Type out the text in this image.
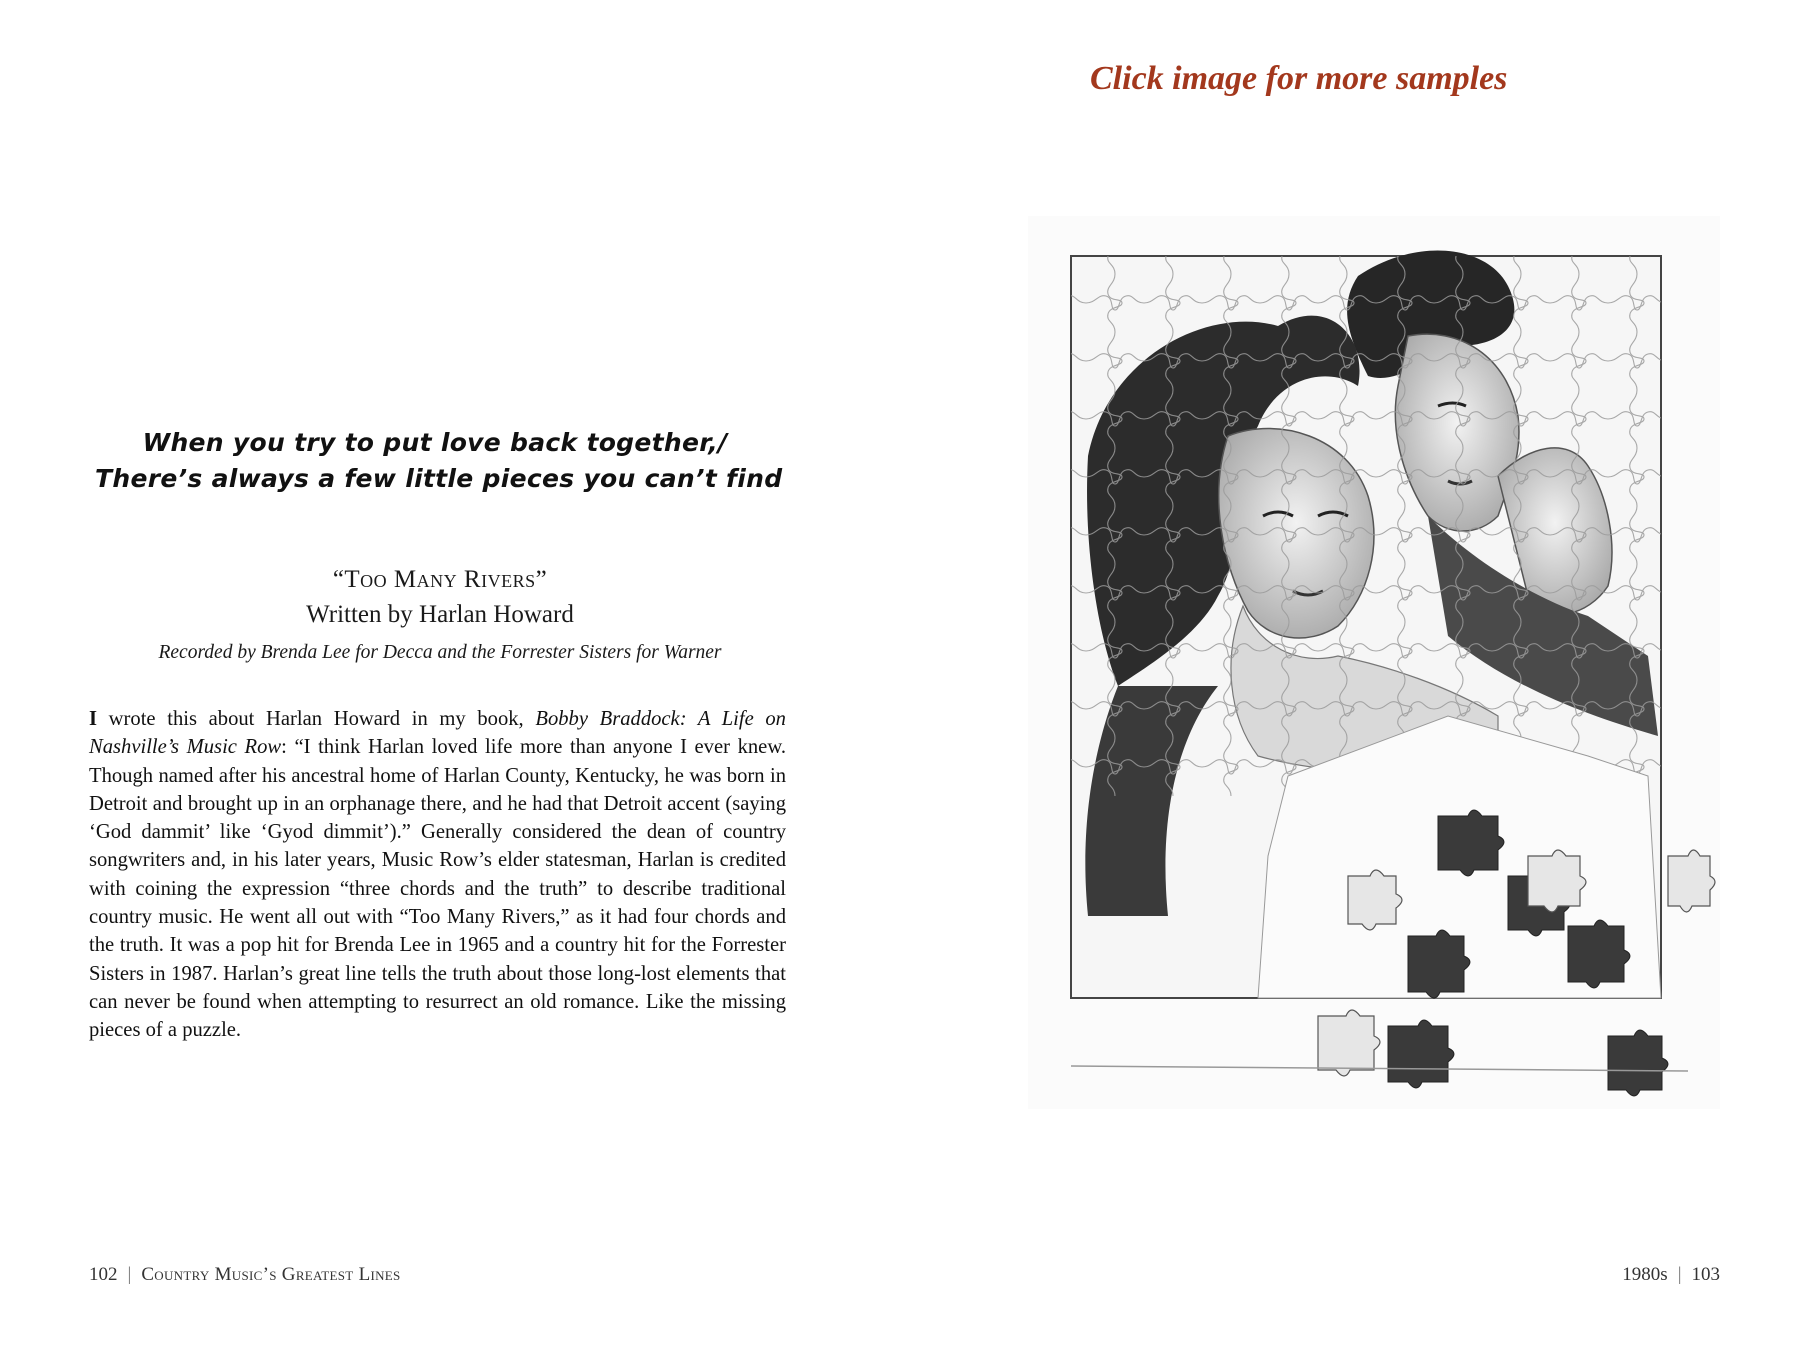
When you try to put love back together,/
There’s always a few little pieces you can’t find
“Too Many Rivers”
Written by Harlan Howard
Recorded by Brenda Lee for Decca and the Forrester Sisters for Warner
I wrote this about Harlan Howard in my book, Bobby Braddock: A Life on Nashville’s Music Row: “I think Harlan loved life more than anyone I ever knew. Though named after his ancestral home of Harlan County, Kentucky, he was born in Detroit and brought up in an orphanage there, and he had that Detroit accent (saying ‘God dammit’ like ‘Gyod dimmit’).” Generally considered the dean of country songwriters and, in his later years, Music Row’s elder statesman, Harlan is credited with coining the expression “three chords and the truth” to describe traditional country music. He went all out with “Too Many Rivers,” as it had four chords and the truth. It was a pop hit for Brenda Lee in 1965 and a country hit for the Forrester Sisters in 1987. Harlan’s great line tells the truth about those long-lost elements that can never be found when attempting to resurrect an old romance. Like the missing pieces of a puzzle.
102 | Country Music’s Greatest Lines
Click image for more samples
1980s | 103
